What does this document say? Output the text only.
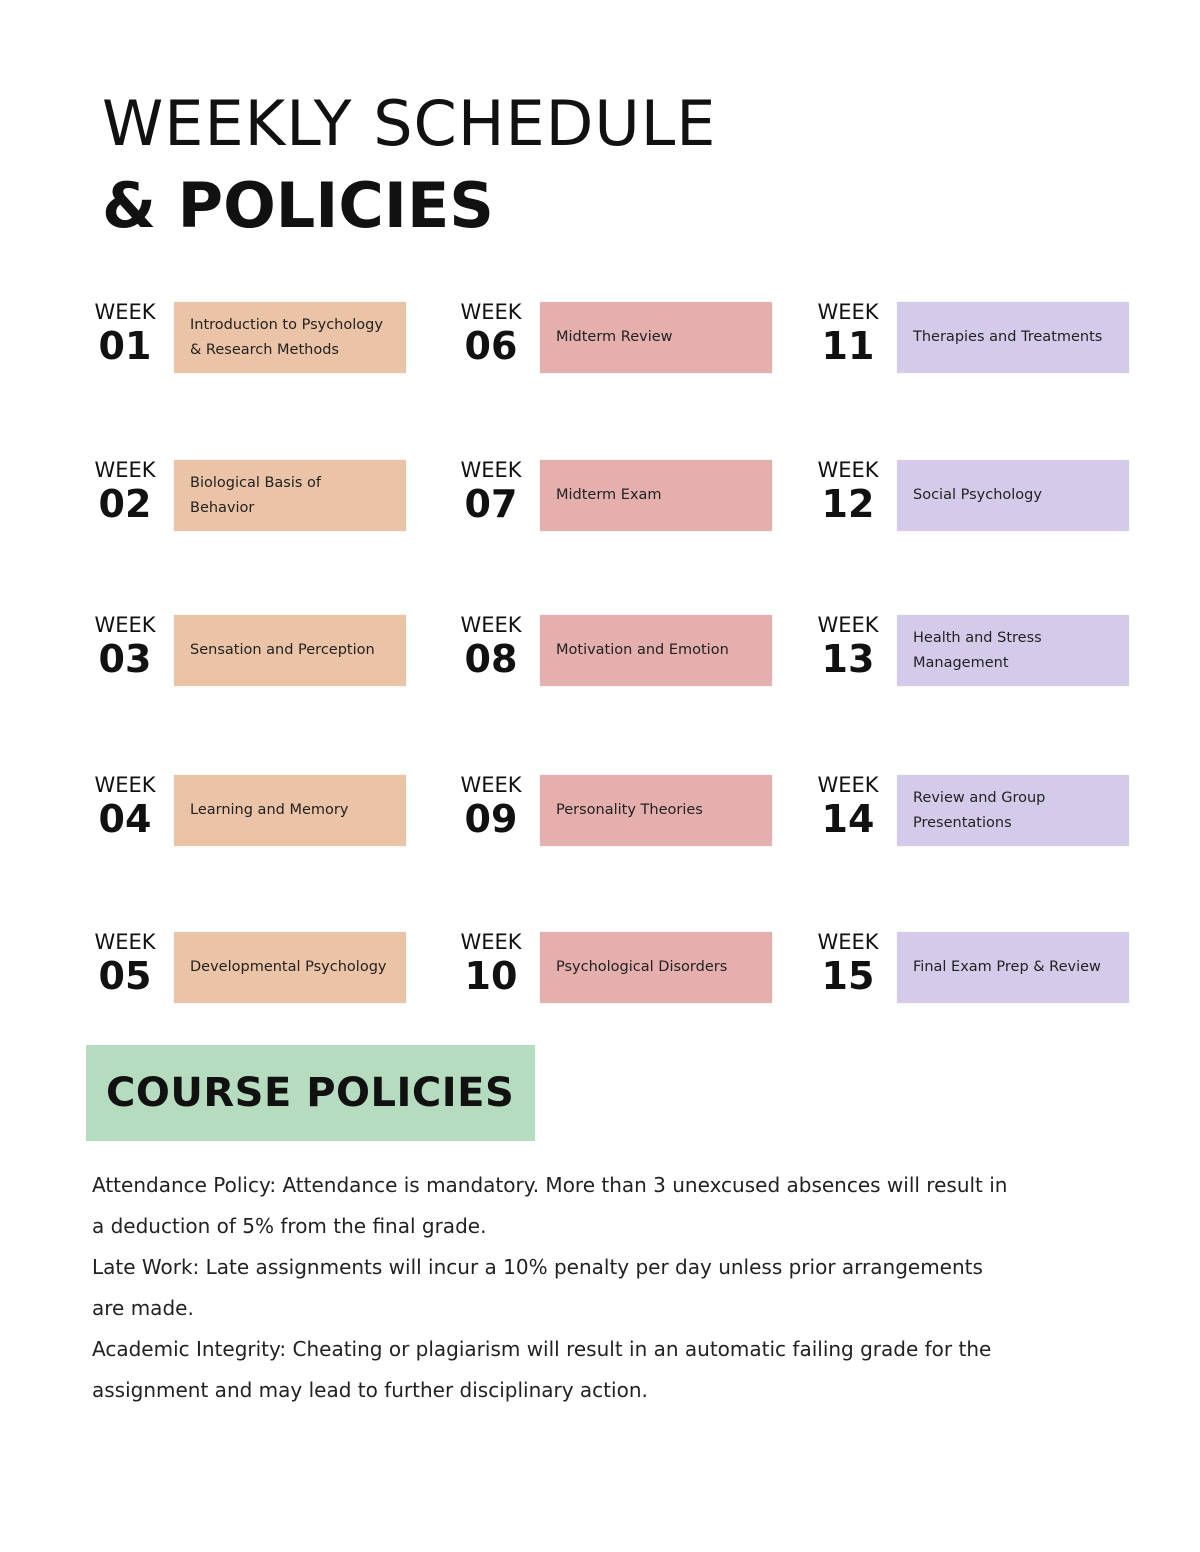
WEEKLY SCHEDULE
& POLICIES
WEEK
01	Introduction to Psychology & Research Methods
WEEK
02	Biological Basis of Behavior
WEEK
03	Sensation and Perception
WEEK
04	Learning and Memory
WEEK
05	Developmental Psychology
WEEK
06	Midterm Review
WEEK
07	Midterm Exam
WEEK
08	Motivation and Emotion
WEEK
09	Personality Theories
WEEK
10	Psychological Disorders
WEEK
11	Therapies and Treatments
WEEK
12	Social Psychology
WEEK
13	Health and Stress Management
WEEK
14	Review and Group Presentations
WEEK
15	Final Exam Prep & Review
COURSE POLICIES

Attendance Policy: Attendance is mandatory. More than 3 unexcused absences will result in a deduction of 5% from the final grade.

Late Work: Late assignments will incur a 10% penalty per day unless prior arrangements are made.

Academic Integrity: Cheating or plagiarism will result in an automatic failing grade for the assignment and may lead to further disciplinary action.
